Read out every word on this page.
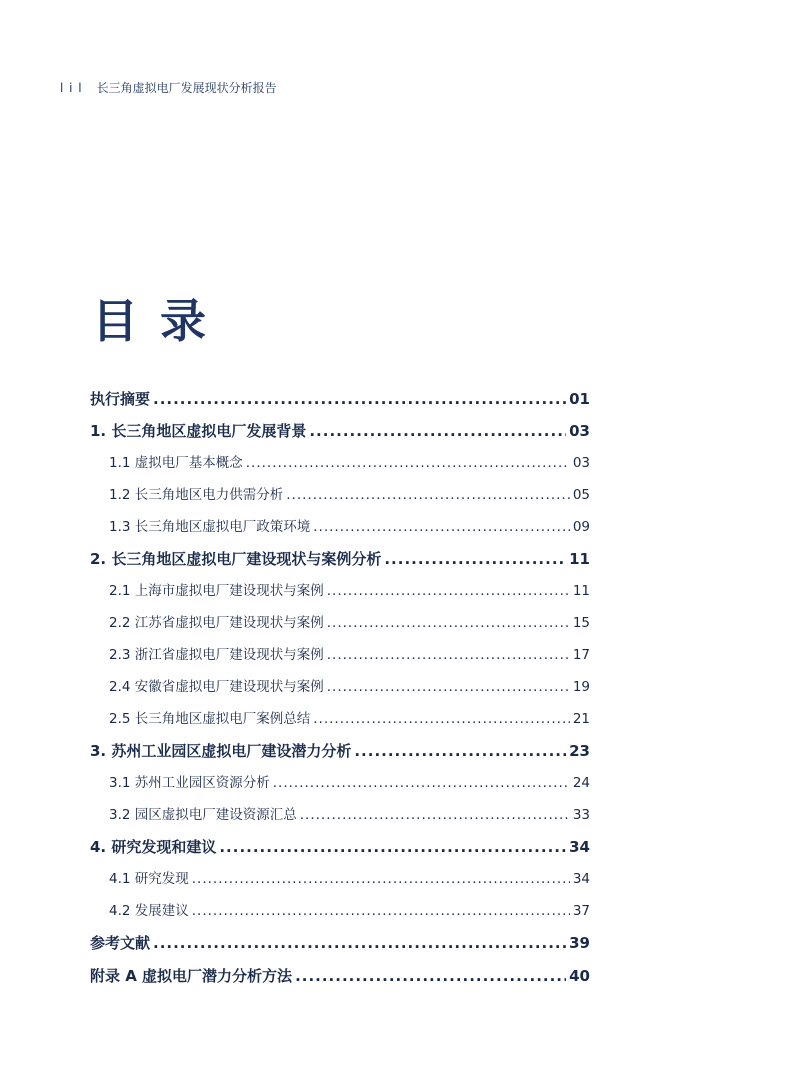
l i l 长三角虚拟电厂发展现状分析报告
目录
执行摘要 .....	01
1. 长三角地区虚拟电厂发展背景 .....	03
1.1 虚拟电厂基本概念 .....	03
1.2 长三角地区电力供需分析 .....	05
1.3 长三角地区虚拟电厂政策环境 .....	09
2. 长三角地区虚拟电厂建设现状与案例分析 .....	11
2.1 上海市虚拟电厂建设现状与案例 .....	11
2.2 江苏省虚拟电厂建设现状与案例 .....	15
2.3 浙江省虚拟电厂建设现状与案例 .....	17
2.4 安徽省虚拟电厂建设现状与案例 .....	19
2.5 长三角地区虚拟电厂案例总结 .....	21
3. 苏州工业园区虚拟电厂建设潜力分析 .....	23
3.1 苏州工业园区资源分析 .....	24
3.2 园区虚拟电厂建设资源汇总 .....	33
4. 研究发现和建议 .....	34
4.1 研究发现 .....	34
4.2 发展建议 .....	37
参考文献 .....	39
附录 A 虚拟电厂潜力分析方法 .....	40
